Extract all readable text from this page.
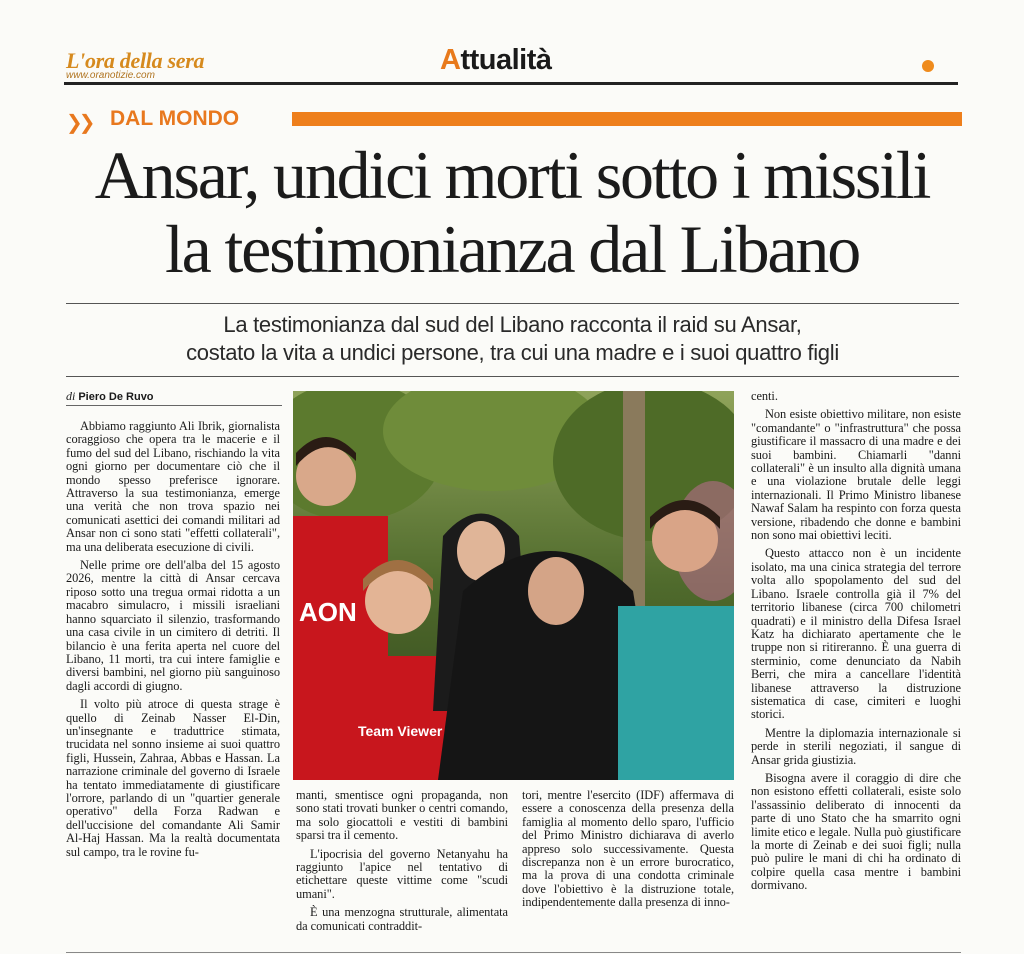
L'ora della sera
www.oranotizie.com	Attualità
❯❯ DAL MONDO
Ansar, undici morti sotto i missili
la testimonianza dal Libano
La testimonianza dal sud del Libano racconta il raid su Ansar,
costato la vita a undici persone, tra cui una madre e i suoi quattro figli
di Piero De Ruvo

Abbiamo raggiunto Ali Ibrik, giornalista coraggioso che opera tra le macerie e il fumo del sud del Libano, rischiando la vita ogni giorno per documentare ciò che il mondo spesso preferisce ignorare. Attraverso la sua testimonianza, emerge una verità che non trova spazio nei comunicati asettici dei comandi militari ad Ansar non ci sono stati "effetti collaterali", ma una deliberata esecuzione di civili.

Nelle prime ore dell'alba del 15 agosto 2026, mentre la città di Ansar cercava riposo sotto una tregua ormai ridotta a un macabro simulacro, i missili israeliani hanno squarciato il silenzio, trasformando una casa civile in un cimitero di detriti. Il bilancio è una ferita aperta nel cuore del Libano, 11 morti, tra cui intere famiglie e diversi bambini, nel giorno più sanguinoso dagli accordi di giugno.

Il volto più atroce di questa strage è quello di Zeinab Nasser El-Din, un'insegnante e traduttrice stimata, trucidata nel sonno insieme ai suoi quattro figli, Hussein, Zahraa, Abbas e Hassan. La narrazione criminale del governo di Israele ha tentato immediatamente di giustificare l'orrore, parlando di un "quartier generale operativo" della Forza Radwan e dell'uccisione del comandante Ali Samir Al-Haj Hassan. Ma la realtà documentata sul campo, tra le rovine fu-

AON
Team Viewer

manti, smentisce ogni propaganda, non sono stati trovati bunker o centri comando, ma solo giocattoli e vestiti di bambini sparsi tra il cemento.

L'ipocrisia del governo Netanyahu ha raggiunto l'apice nel tentativo di etichettare queste vittime come "scudi umani".

È una menzogna strutturale, alimentata da comunicati contraddit-

tori, mentre l'esercito (IDF) affermava di essere a conoscenza della presenza della famiglia al momento dello sparo, l'ufficio del Primo Ministro dichiarava di averlo appreso solo successivamente. Questa discrepanza non è un errore burocratico, ma la prova di una condotta criminale dove l'obiettivo è la distruzione totale, indipendentemente dalla presenza di inno-

centi.

Non esiste obiettivo militare, non esiste "comandante" o "infrastruttura" che possa giustificare il massacro di una madre e dei suoi bambini. Chiamarli "danni collaterali" è un insulto alla dignità umana e una violazione brutale delle leggi internazionali. Il Primo Ministro libanese Nawaf Salam ha respinto con forza questa versione, ribadendo che donne e bambini non sono mai obiettivi leciti.

Questo attacco non è un incidente isolato, ma una cinica strategia del terrore volta allo spopolamento del sud del Libano. Israele controlla già il 7% del territorio libanese (circa 700 chilometri quadrati) e il ministro della Difesa Israel Katz ha dichiarato apertamente che le truppe non si ritireranno. È una guerra di sterminio, come denunciato da Nabih Berri, che mira a cancellare l'identità libanese attraverso la distruzione sistematica di case, cimiteri e luoghi storici.

Mentre la diplomazia internazionale si perde in sterili negoziati, il sangue di Ansar grida giustizia.

Bisogna avere il coraggio di dire che non esistono effetti collaterali, esiste solo l'assassinio deliberato di innocenti da parte di uno Stato che ha smarrito ogni limite etico e legale. Nulla può giustificare la morte di Zeinab e dei suoi figli; nulla può pulire le mani di chi ha ordinato di colpire quella casa mentre i bambini dormivano.
